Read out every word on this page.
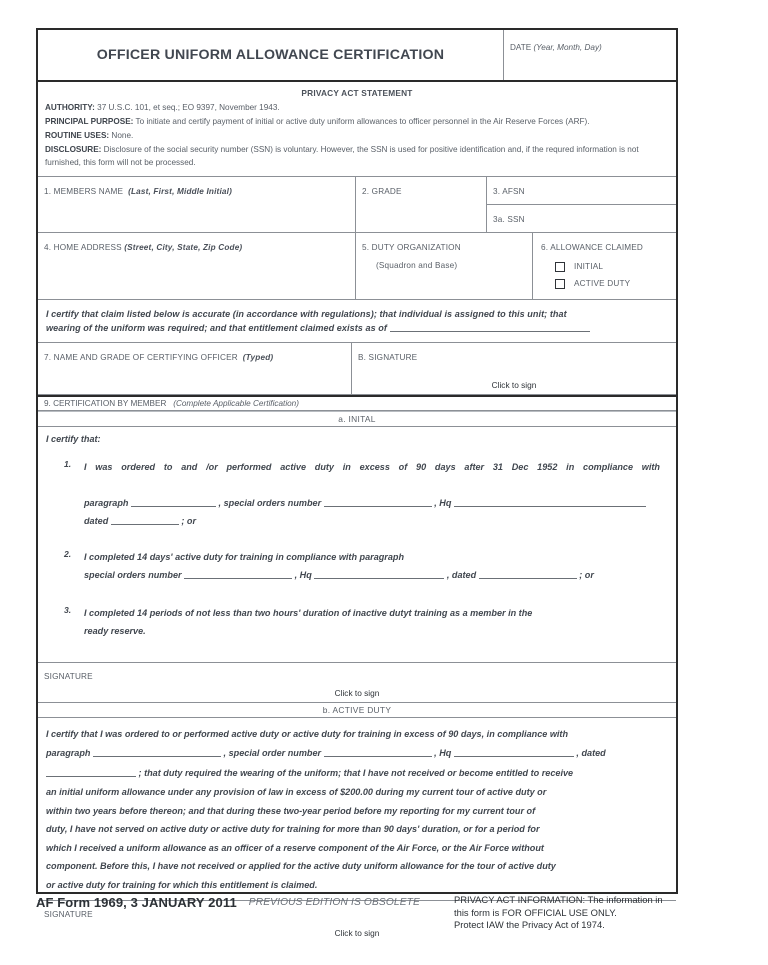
OFFICER UNIFORM ALLOWANCE CERTIFICATION	DATE (Year, Month, Day)
PRIVACY ACT STATEMENT

AUTHORITY: 37 U.S.C. 101, et seq.; EO 9397, November 1943.

PRINCIPAL PURPOSE: To initiate and certify payment of initial or active duty uniform allowances to officer personnel in the Air Reserve Forces (ARF).

ROUTINE USES: None.

DISCLOSURE: Disclosure of the social security number (SSN) is voluntary. However, the SSN is used for positive identification and, if the requred information is not furnished, this form will not be processed.

1. MEMBERS NAME (Last, First, Middle Initial)	2. GRADE	3. AFSN
3a. SSN
4. HOME ADDRESS (Street, City, State, Zip Code)	5. DUTY ORGANIZATION
(Squadron and Base)
6. ALLOWANCE CLAIMED
INITIAL
ACTIVE DUTY

I certify that claim listed below is accurate (in accordance with regulations); that individual is assigned to this unit; that

wearing of the uniform was required; and that entitlement claimed exists as of

7. NAME AND GRADE OF CERTIFYING OFFICER (Typed)	B. SIGNATURE
Click to sign
9. CERTIFICATION BY MEMBER (Complete Applicable Certification)
a. INITAL
I certify that:
1.	I was ordered to and /or performed active duty in excess of 90 days after 31 Dec 1952 in compliance with
paragraph	, special orders number	, Hq
dated	; or
2.	I completed 14 days' active duty for training in compliance with paragraph
special orders number	, Hq	, dated	; or
3.	I completed 14 periods of not less than two hours' duration of inactive dutyt training as a member in the
ready reserve.
SIGNATURE
Click to sign
b. ACTIVE DUTY
I certify that I was ordered to or performed active duty or active duty for training in excess of 90 days, in compliance with
paragraph	, special order number	, Hq	, dated
; that duty required the wearing of the uniform; that I have not received or become entitled to receive
an initial uniform allowance under any provision of law in excess of $200.00 during my current tour of active duty or
within two years before thereon; and that during these two-year period before my reporting for my current tour of
duty, I have not served on active duty or active duty for training for more than 90 days' duration, or for a period for
which I received a uniform allowance as an officer of a reserve component of the Air Force, or the Air Force without
component. Before this, I have not received or applied for the active duty uniform allowance for the tour of active duty
or active duty for training for which this entitlement is claimed.
SIGNATURE
Click to sign
AF Form 1969, 3 JANUARY 2011	PREVIOUS EDITION IS OBSOLETE	PRIVACY ACT INFORMATION: The information in
this form is FOR OFFICIAL USE ONLY.
Protect IAW the Privacy Act of 1974.
